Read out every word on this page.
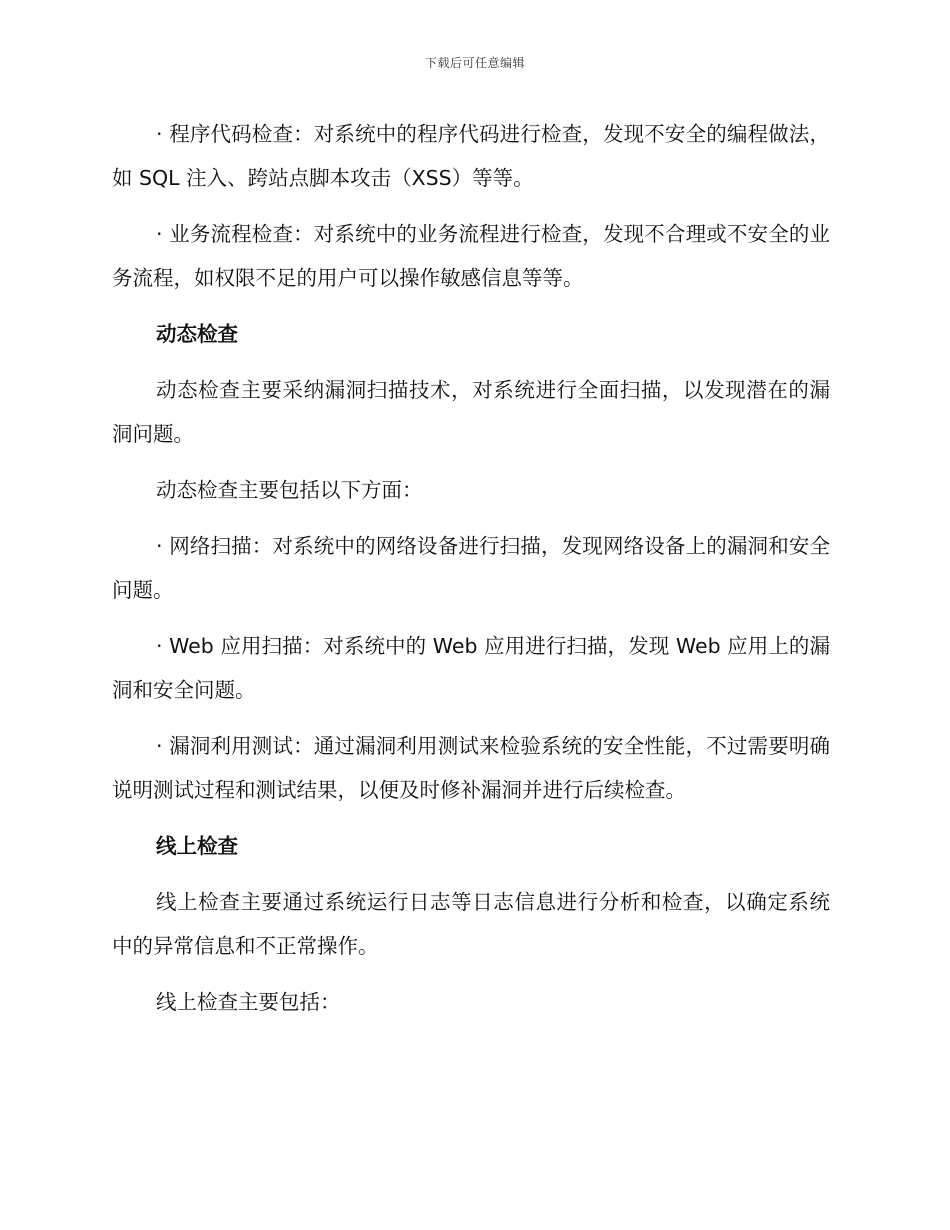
下载后可任意编辑

· 程序代码检查：对系统中的程序代码进行检查，发现不安全的编程做法，如 SQL 注入、跨站点脚本攻击（XSS）等等。

· 业务流程检查：对系统中的业务流程进行检查，发现不合理或不安全的业务流程，如权限不足的用户可以操作敏感信息等等。

动态检查

动态检查主要采纳漏洞扫描技术，对系统进行全面扫描，以发现潜在的漏洞问题。

动态检查主要包括以下方面：

· 网络扫描：对系统中的网络设备进行扫描，发现网络设备上的漏洞和安全问题。

· Web 应用扫描：对系统中的 Web 应用进行扫描，发现 Web 应用上的漏洞和安全问题。

· 漏洞利用测试：通过漏洞利用测试来检验系统的安全性能，不过需要明确说明测试过程和测试结果，以便及时修补漏洞并进行后续检查。

线上检查

线上检查主要通过系统运行日志等日志信息进行分析和检查，以确定系统中的异常信息和不正常操作。

线上检查主要包括：
